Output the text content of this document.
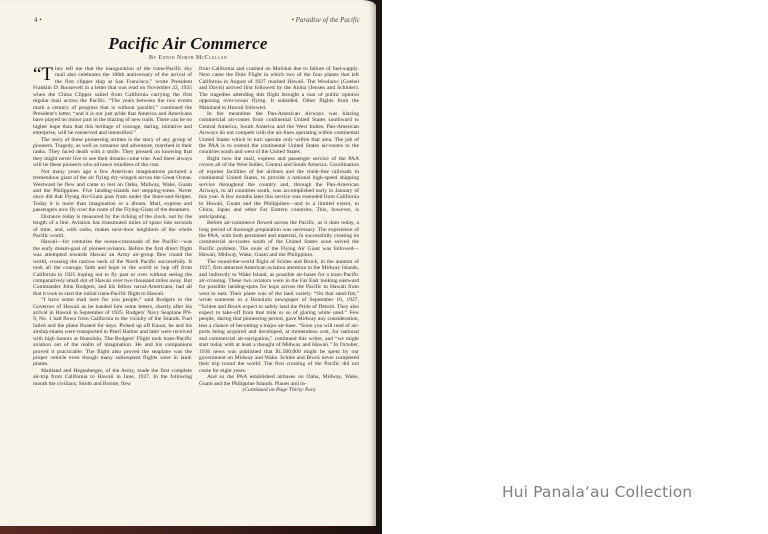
4 •	• Paradise of the Pacific
Pacific Air Commerce
By Edwin North McClellan

“They tell me that the inauguration of the trans-Pacific sky mail also celebrates the 100th anniversary of the arrival of the first clipper ship at San Francisco,” wrote President Franklin D. Roosevelt in a letter that was read on November 22, 1935 when the China Clipper sailed from California carrying the first regular mail across the Pacific. “The years between the two events mark a century of progress that is without parallel,” continued the President's letter, “and it is our just pride that America and Americans have played no minor part in the blazing of new trails. There can be no higher hope than that this heritage of courage, daring, initiative and enterprise, will be conserved and intensified.”

The story of these pioneering airmen is the story of any group of pioneers. Tragedy, as well as romance and adventure, marched in their ranks. They faced death with a smile. They pressed on knowing that they might never live to see their dreams come true. And there always will be these pioneers who advance mindless of the cost.

Not many years ago a few American imaginations pictured a tremendous giant of the air flying dry-winged across the Great Ocean. Westward he flew and came to rest on Oahu, Midway, Wake, Guam and the Philippines. Five landing-islands not stepping-tones. Never once did that Flying Air-Giant pass from under the Stars-and-Stripes. Today it is more than imagination or a dream. Mail, express and passengers now fly over the route of the Flying-Giant of the dreamers.

Distance today is measured by the ticking of the clock, not by the length of a line. Aviation has transmuted miles of space into seconds of time, and, with radio, makes next-door neighbors of the whole Pacific world.

Hawaii—for centuries the ocean-crossroads of the Pacific—was the early dream-goal of pioneer-aviators. Before the first direct flight was attempted towards Hawaii an Army air-group flew round the world, crossing the narrow neck of the North Pacific successfully. It took all the courage, faith and hope in the world to hop off from California in 1925 hoping not to fly past or over without seeing the comparatively small dot of Hawaii over two thousand miles away. But Commander John Rodgers, and his fellow naval-Americans, had all that it took to start the initial trans-Pacific flight to Hawaii.

“I have some mail here for you people,” said Rodgers to the Governor of Hawaii as he handed him some letters, shortly after his arrival in Hawaii in September of 1925. Rodgers' Navy Seaplane PN-9, No. 1 had flown from California to the vicinity of the Islands. Fuel failed and the plane floated for days. Picked up off Kauai, he and his airship-mates were transported to Pearl Harbor and later were received with high honors at Honolulu. The Rodgers' Flight took trans-Pacific aviation out of the realm of imagination. He and his companions proved it practicable. The flight also proved the seaplane was the proper vehicle even though many subsequent flights were in land-planes.

Maitland and Hegenberger, of the Army, made the first complete air-trip from California to Hawaii in June, 1927. In the following month the civilians, Smith and Bronte, flew

from California and crashed on Molokai due to failure of fuel-supply. Next came the Dole Flight in which two of the four planes that left California in August of 1927 reached Hawaii. The Woolaroc (Goebel and Davis) arrived first followed by the Aloha (Jensen and Schluter). The tragedies attending this flight brought a roar of public opinion opposing over-ocean flying. It subsided. Other flights from the Mainland to Hawaii followed.

In the meantime the Pan-American Airways was blazing commercial air-routes from continental United States southward to Central America, South America and the West Indies. Pan-American Airways do not compete with the air-lines operating within continental United States which in turn operate only within that area. The job of the PAA is to extend the continental United States air-routes to the countries south and west of the United States.

Right now the mail, express and passenger service of the PAA covers all of the West Indies, Central and South America. Coordination of express facilities of the airlines and the trunk-line railroads in continental United States, to provide a national high-speed shipping service throughout the country and, through the Pan-American Airways, to all countries south, was accomplished early in January of this year. A few months later this service was extended from California to Hawaii, Guam and the Philippines—and to a limited extent, to China, Japan and other Far Eastern countries. This, however, is anticipating.

Before air-commerce flowed across the Pacific, as it does today, a long period of thorough preparation was necessary. The experience of the PAA, with both personnel and material, in successfully creating its commercial air-routes south of the United States soon solved the Pacific problem. The route of the Flying Air Giant was followed—Hawaii, Midway, Wake, Guam and the Philippines.

The round-the-world flight of Schlee and Brock, in the autumn of 1927, first attracted American aviation attention to the Midway Islands, and indirectly to Wake Island, as possible air-bases for a trans-Pacific air-crossing. These two aviators were in the Far East looking eastward for possible landing-spots for hops across the Pacific to Hawaii from west to east. Their plane was of the land variety. “On that sand-flat,” wrote someone in a Honolulu newspaper of September 16, 1927, “Schlee and Brock expect to safely land the Pride of Detroit. They also expect to take-off from that mile or so of glaring white sand.” Few people, during that pioneering period, gave Midway any consideration, less a chance of becoming a major air-base. “Soon you will read of air-ports being acquired and developed, at tremendous cost, for national and commercial air-navigation,” continued this writer, and “we might start today with at least a thought of Midway and Hawaii.” In October, 1936 news was published that $1,500,000 might be spent by our government on Midway and Wake. Schlee and Brock never completed their trip round the world. The first crossing of the Pacific did not come for eight years.

And so the PAA established airbases on Oahu, Midway, Wake, Guam and the Philippine Islands. Planes and in-

(Continued on Page Thirty-Two)

Hui Panala‘au Collection
